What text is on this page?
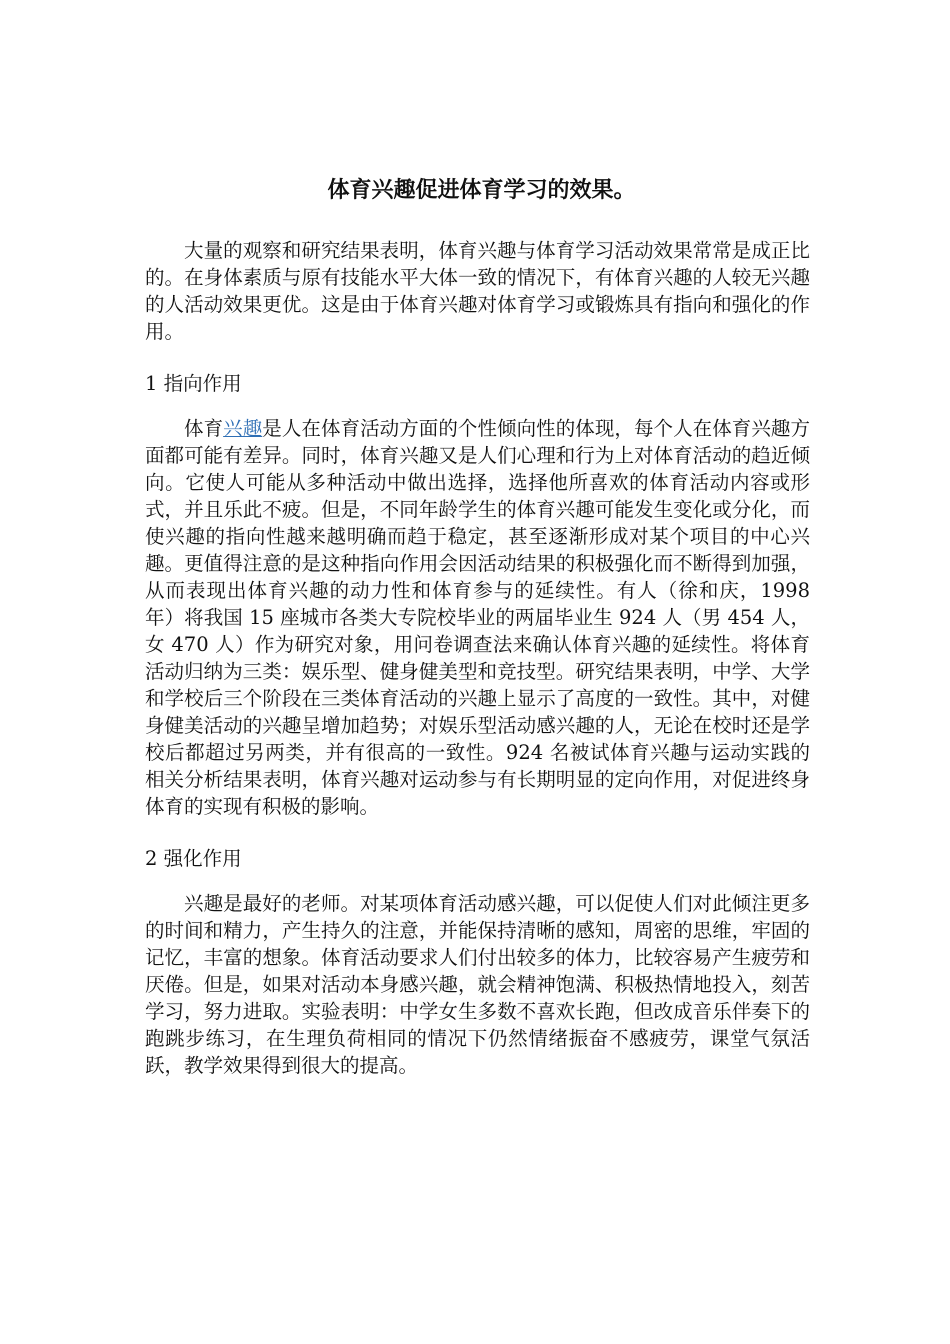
体育兴趣促进体育学习的效果。

大量的观察和研究结果表明，体育兴趣与体育学习活动效果常常是成正比的。在身体素质与原有技能水平大体一致的情况下，有体育兴趣的人较无兴趣的人活动效果更优。这是由于体育兴趣对体育学习或锻炼具有指向和强化的作用。

1 指向作用

体育兴趣是人在体育活动方面的个性倾向性的体现，每个人在体育兴趣方面都可能有差异。同时，体育兴趣又是人们心理和行为上对体育活动的趋近倾向。它使人可能从多种活动中做出选择，选择他所喜欢的体育活动内容或形式，并且乐此不疲。但是，不同年龄学生的体育兴趣可能发生变化或分化，而使兴趣的指向性越来越明确而趋于稳定，甚至逐渐形成对某个项目的中心兴趣。更值得注意的是这种指向作用会因活动结果的积极强化而不断得到加强，从而表现出体育兴趣的动力性和体育参与的延续性。有人（徐和庆，1998 年）将我国 15 座城市各类大专院校毕业的两届毕业生 924 人（男 454 人，女 470 人）作为研究对象，用问卷调查法来确认体育兴趣的延续性。将体育活动归纳为三类：娱乐型、健身健美型和竞技型。研究结果表明，中学、大学和学校后三个阶段在三类体育活动的兴趣上显示了高度的一致性。其中，对健身健美活动的兴趣呈增加趋势；对娱乐型活动感兴趣的人，无论在校时还是学校后都超过另两类，并有很高的一致性。924 名被试体育兴趣与运动实践的相关分析结果表明，体育兴趣对运动参与有长期明显的定向作用，对促进终身体育的实现有积极的影响。

2 强化作用

兴趣是最好的老师。对某项体育活动感兴趣，可以促使人们对此倾注更多的时间和精力，产生持久的注意，并能保持清晰的感知，周密的思维，牢固的记忆，丰富的想象。体育活动要求人们付出较多的体力，比较容易产生疲劳和厌倦。但是，如果对活动本身感兴趣，就会精神饱满、积极热情地投入，刻苦学习，努力进取。实验表明：中学女生多数不喜欢长跑，但改成音乐伴奏下的跑跳步练习，在生理负荷相同的情况下仍然情绪振奋不感疲劳，课堂气氛活跃，教学效果得到很大的提高。
